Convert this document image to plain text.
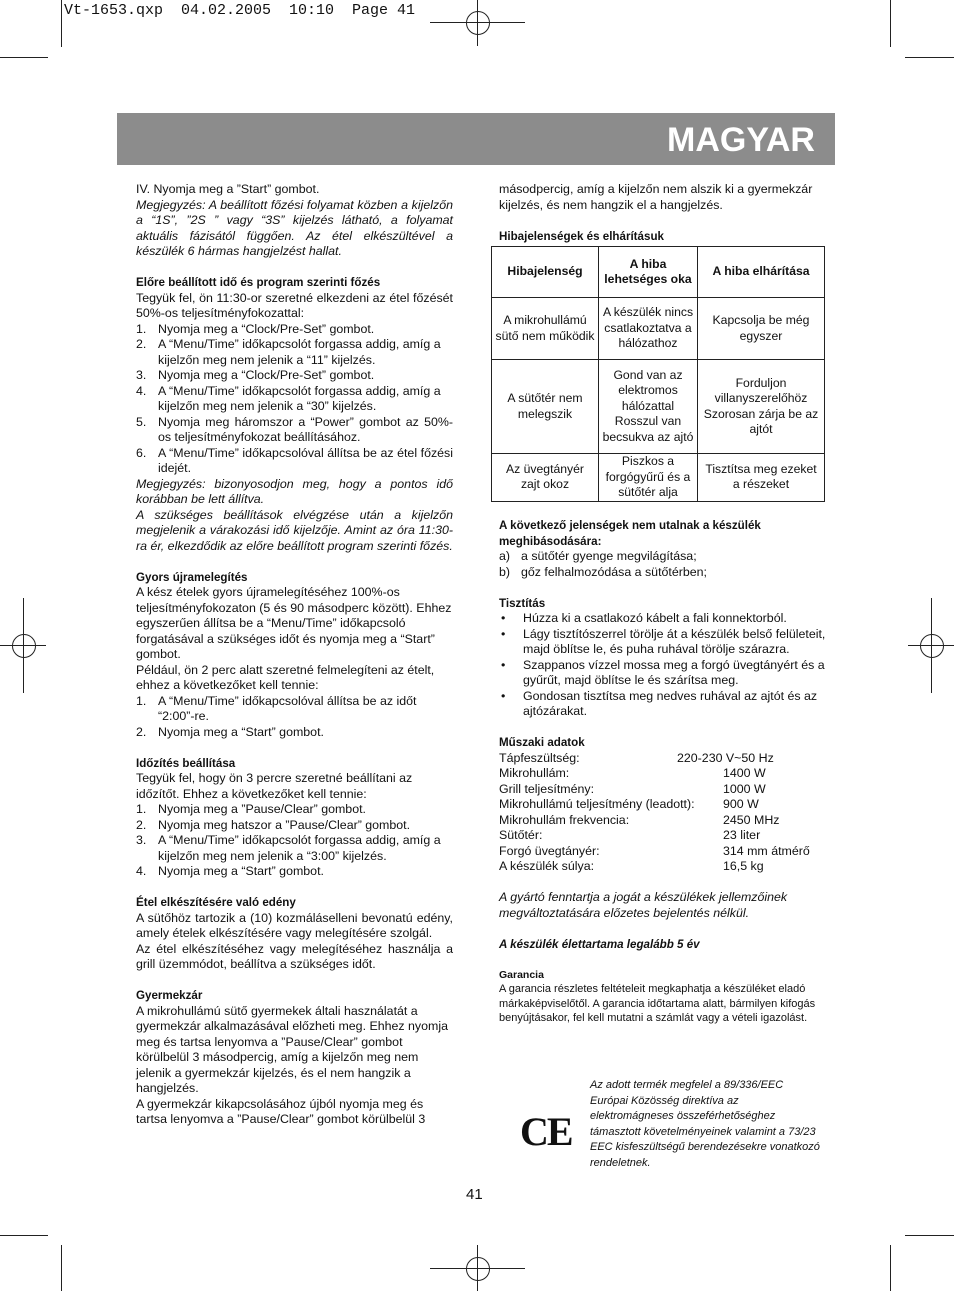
Vt-1653.qxp  04.02.2005  10:10  Page 41
MAGYAR

IV. Nyomja meg a ”Start” gombot.

Megjegyzés: A beállított főzési folyamat közben a kijelzőn a “1S”, ”2S ” vagy “3S” kijelzés látható, a folyamat aktuális fázisától függően. Az étel elkészültével a készülék 6 hármas hangjelzést hallat.

Előre beállított idő és program szerinti főzés

Tegyük fel, ön 11:30-or szeretné elkezdeni az étel főzését 50%-os teljesítményfokozattal:

1. Nyomja meg a “Clock/Pre-Set” gombot.
2. A “Menu/Time” időkapcsolót forgassa addig, amíg a kijelzőn meg nem jelenik a “11” kijelzés.
3. Nyomja meg a “Clock/Pre-Set” gombot.
4. A “Menu/Time” időkapcsolót forgassa addig, amíg a kijelzőn meg nem jelenik a “30” kijelzés.
5. Nyomja meg háromszor a “Power” gombot az 50%-os teljesítményfokozat beállításához.
6. A “Menu/Time” időkapcsolóval állítsa be az étel főzési idejét.

Megjegyzés: bizonyosodjon meg, hogy a pontos idő korábban be lett állítva.

A szükséges beállítások elvégzése után a kijelzőn megjelenik a várakozási idő kijelzője. Amint az óra 11:30-ra ér, elkezdődik az előre beállított program szerinti főzés.

Gyors újramelegítés

A kész ételek gyors újramelegítéséhez 100%-os teljesítményfokozaton (5 és 90 másodperc között). Ehhez egyszerűen állítsa be a “Menu/Time” időkapcsoló forgatásával a szükséges időt és nyomja meg a “Start” gombot.

Például, ön 2 perc alatt szeretné felmelegíteni az ételt, ehhez a következőket kell tennie:

1. A “Menu/Time” időkapcsolóval állítsa be az időt “2:00”-re.
2. Nyomja meg a “Start” gombot.

Időzítés beállítása

Tegyük fel, hogy ön 3 percre szeretné beállítani az időzítőt. Ehhez a következőket kell tennie:

1. Nyomja meg a ”Pause/Clear” gombot.
2. Nyomja meg hatszor a ”Pause/Clear” gombot.
3. A “Menu/Time” időkapcsolót forgassa addig, amíg a kijelzőn meg nem jelenik a “3:00” kijelzés.
4. Nyomja meg a “Start” gombot.

Étel elkészítésére való edény

A sütőhöz tartozik a (10) kozmálásellenі bevonatú edény, amely ételek elkészítésére vagy melegítésére szolgál.

Az étel elkészítéséhez vagy melegítéséhez használja a grill üzemmódot, beállítva a szükséges időt.

Gyermekzár

A mikrohullámú sütő gyermekek általi használatát a gyermekzár alkalmazásával előzheti meg. Ehhez nyomja meg és tartsa lenyomva a ”Pause/Clear” gombot körülbelül 3 másodpercig, amíg a kijelzőn meg nem jelenik a gyermekzár kijelzés, és el nem hangzik a hangjelzés.

A gyermekzár kikapcsolásához újból nyomja meg és tartsa lenyomva a ”Pause/Clear” gombot körülbelül 3

másodpercig, amíg a kijelzőn nem alszik ki a gyermekzár kijelzés, és nem hangzik el a hangjelzés.

Hibajelenségek és elhárításuk

Hibajelenség	A hiba lehetséges oka	A hiba elhárítása
A mikrohullámú sütő nem működik	A készülék nincs csatlakoztatva a hálózathoz	Kapcsolja be még egyszer
A sütőtér nem melegszik	Gond van az elektromos hálózattal Rosszul van becsukva az ajtó	Forduljon villanyszerelőhöz Szorosan zárja be az ajtót
Az üvegtányér zajt okoz	Piszkos a forgógyűrű és a sütőtér alja	Tisztítsa meg ezeket a részeket

A következő jelenségek nem utalnak a készülék meghibásodására:

a) a sütőtér gyenge megvilágítása;
b) gőz felhalmozódása a sütőtérben;

Tisztítás

•	Húzza ki a csatlakozó kábelt a fali konnektorból.
•	Lágy tisztítószerrel törölje át a készülék belső felületeit, majd öblítse le, és puha ruhával törölje szárazra.
•	Szappanos vízzel mossa meg a forgó üvegtányért és a gyűrűt, majd öblítse le és szárítsa meg.
•	Gondosan tisztítsa meg nedves ruhával az ajtót és az ajtózárakat.

Műszaki adatok

Tápfeszültség:	220-230 V~50 Hz
Mikrohullám:	1400 W
Grill teljesítmény:	1000 W
Mikrohullámú teljesítmény (leadott):	900 W
Mikrohullám frekvencia:	2450 MHz
Sütőtér:	23 liter
Forgó üvegtányér:	314 mm átmérő
A készülék súlya:	16,5 kg

A gyártó fenntartja a jogát a készülékek jellemzőinek megváltoztatására előzetes bejelentés nélkül.

A készülék élettartama legalább 5 év

Garancia

A garancia részletes feltételeit megkaphatja a készüléket eladó márkaképviselőtől. A garancia időtartama alatt, bármilyen kifogás benyújtásakor, fel kell mutatni a számlát vagy a vételi igazolást.

CE
Az adott termék megfelel a 89/336/EEC Európai Közösség direktíva az elektromágneses összeférhetőséghez támasztott követelményeinek valamint a 73/23 EEC kisfeszültségű berendezésekre vonatkozó rendeletnek.
41
